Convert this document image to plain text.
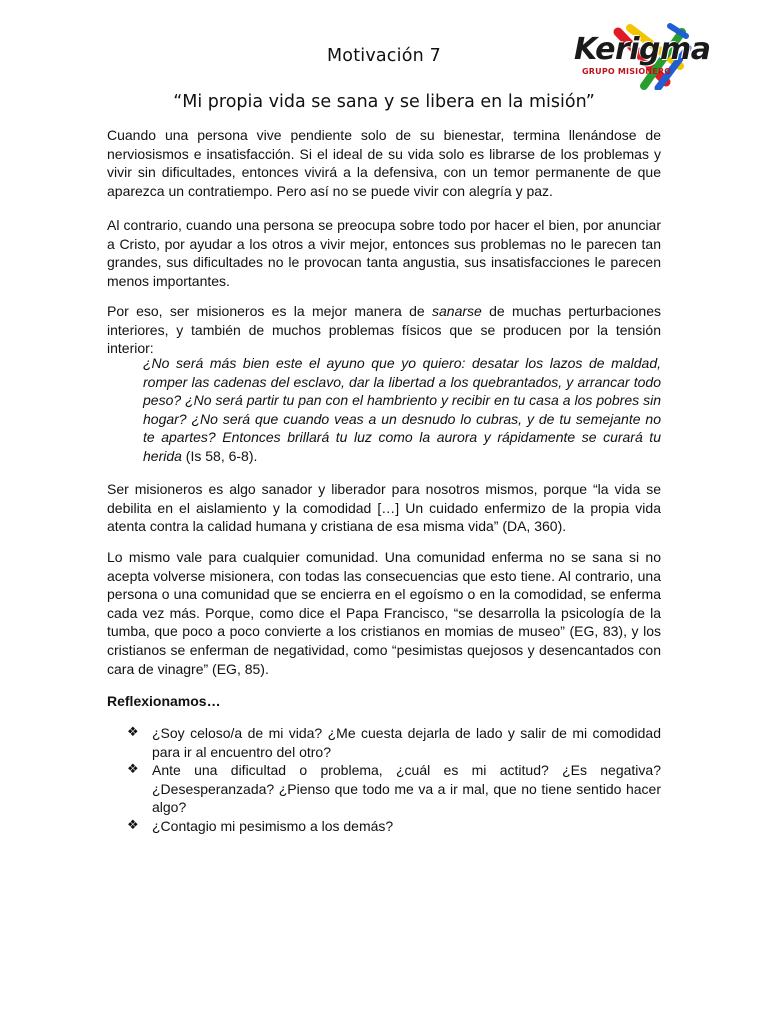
Motivación 7	Kerigma
GRUPO MISIONERO
“Mi propia vida se sana y se libera en la misión”

Cuando una persona vive pendiente solo de su bienestar, termina llenándose de nerviosismos e insatisfacción. Si el ideal de su vida solo es librarse de los problemas y vivir sin dificultades, entonces vivirá a la defensiva, con un temor permanente de que aparezca un contratiempo. Pero así no se puede vivir con alegría y paz.

Al contrario, cuando una persona se preocupa sobre todo por hacer el bien, por anunciar a Cristo, por ayudar a los otros a vivir mejor, entonces sus problemas no le parecen tan grandes, sus dificultades no le provocan tanta angustia, sus insatisfacciones le parecen menos importantes.

Por eso, ser misioneros es la mejor manera de sanarse de muchas perturbaciones interiores, y también de muchos problemas físicos que se producen por la tensión interior:

¿No será más bien este el ayuno que yo quiero: desatar los lazos de maldad, romper las cadenas del esclavo, dar la libertad a los quebrantados, y arrancar todo peso? ¿No será partir tu pan con el hambriento y recibir en tu casa a los pobres sin hogar? ¿No será que cuando veas a un desnudo lo cubras, y de tu semejante no te apartes? Entonces brillará tu luz como la aurora y rápidamente se curará tu herida (Is 58, 6-8).

Ser misioneros es algo sanador y liberador para nosotros mismos, porque “la vida se debilita en el aislamiento y la comodidad […] Un cuidado enfermizo de la propia vida atenta contra la calidad humana y cristiana de esa misma vida” (DA, 360).

Lo mismo vale para cualquier comunidad. Una comunidad enferma no se sana si no acepta volverse misionera, con todas las consecuencias que esto tiene. Al contrario, una persona o una comunidad que se encierra en el egoísmo o en la comodidad, se enferma cada vez más. Porque, como dice el Papa Francisco, “se desarrolla la psicología de la tumba, que poco a poco convierte a los cristianos en momias de museo” (EG, 83), y los cristianos se enferman de negatividad, como “pesimistas quejosos y desencantados con cara de vinagre” (EG, 85).

Reflexionamos…
❖ ¿Soy celoso/a de mi vida? ¿Me cuesta dejarla de lado y salir de mi comodidad para ir al encuentro del otro?
❖ Ante una dificultad o problema, ¿cuál es mi actitud? ¿Es negativa? ¿Desesperanzada? ¿Pienso que todo me va a ir mal, que no tiene sentido hacer algo?
❖ ¿Contagio mi pesimismo a los demás?
